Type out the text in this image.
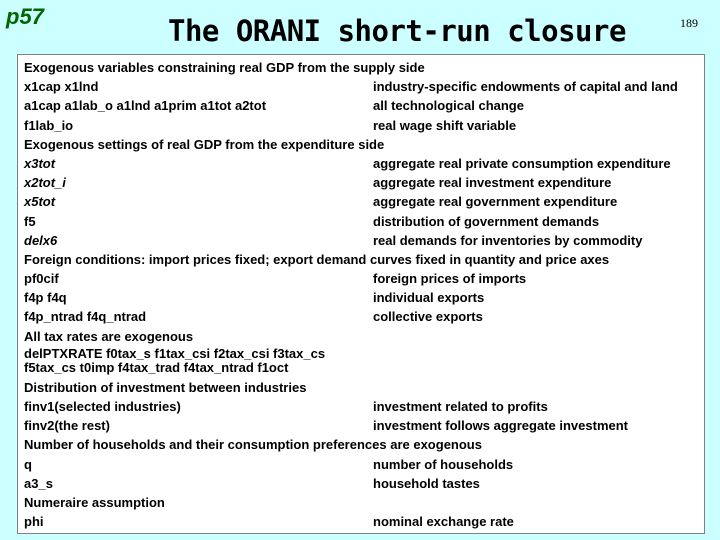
p57	The ORANI short-run closure	189
Exogenous variables constraining real GDP from the supply side
x1cap x1lnd	industry-specific endowments of capital and land
a1cap a1lab_o a1lnd a1prim a1tot a2tot	all technological change
f1lab_io	real wage shift variable
Exogenous settings of real GDP from the expenditure side
x3tot	aggregate real private consumption expenditure
x2tot_i	aggregate real investment expenditure
x5tot	aggregate real government expenditure
f5	distribution of government demands
delx6	real demands for inventories by commodity
Foreign conditions: import prices fixed; export demand curves fixed in quantity and price axes
pf0cif	foreign prices of imports
f4p f4q	individual exports
f4p_ntrad f4q_ntrad	collective exports
All tax rates are exogenous
delPTXRATE f0tax_s f1tax_csi f2tax_csi f3tax_cs
f5tax_cs t0imp f4tax_trad f4tax_ntrad f1oct
Distribution of investment between industries
finv1(selected industries)	investment related to profits
finv2(the rest)	investment follows aggregate investment
Number of households and their consumption preferences are exogenous
q	number of households
a3_s	household tastes
Numeraire assumption
phi	nominal exchange rate
